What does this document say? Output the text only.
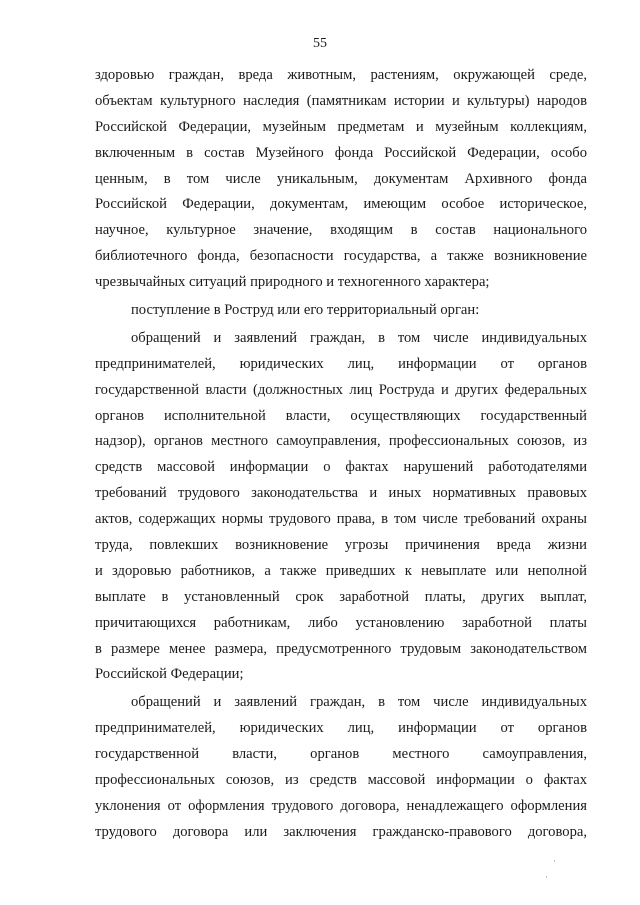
55
здоровью граждан, вреда животным, растениям, окружающей среде,
объектам культурного наследия (памятникам истории и культуры) народов
Российской Федерации, музейным предметам и музейным коллекциям,
включенным в состав Музейного фонда Российской Федерации, особо
ценным, в том числе уникальным, документам Архивного фонда
Российской Федерации, документам, имеющим особое историческое,
научное, культурное значение, входящим в состав национального
библиотечного фонда, безопасности государства, а также возникновение
чрезвычайных ситуаций природного и техногенного характера;
поступление в Роструд или его территориальный орган:
обращений и заявлений граждан, в том числе индивидуальных
предпринимателей, юридических лиц, информации от органов
государственной власти (должностных лиц Роструда и других федеральных
органов исполнительной власти, осуществляющих государственный
надзор), органов местного самоуправления, профессиональных союзов, из
средств массовой информации о фактах нарушений работодателями
требований трудового законодательства и иных нормативных правовых
актов, содержащих нормы трудового права, в том числе требований охраны
труда, повлекших возникновение угрозы причинения вреда жизни
и здоровью работников, а также приведших к невыплате или неполной
выплате в установленный срок заработной платы, других выплат,
причитающихся работникам, либо установлению заработной платы
в размере менее размера, предусмотренного трудовым законодательством
Российской Федерации;
обращений и заявлений граждан, в том числе индивидуальных
предпринимателей, юридических лиц, информации от органов
государственной власти, органов местного самоуправления,
профессиональных союзов, из средств массовой информации о фактах
уклонения от оформления трудового договора, ненадлежащего оформления
трудового договора или заключения гражданско-правового договора,
·
·
